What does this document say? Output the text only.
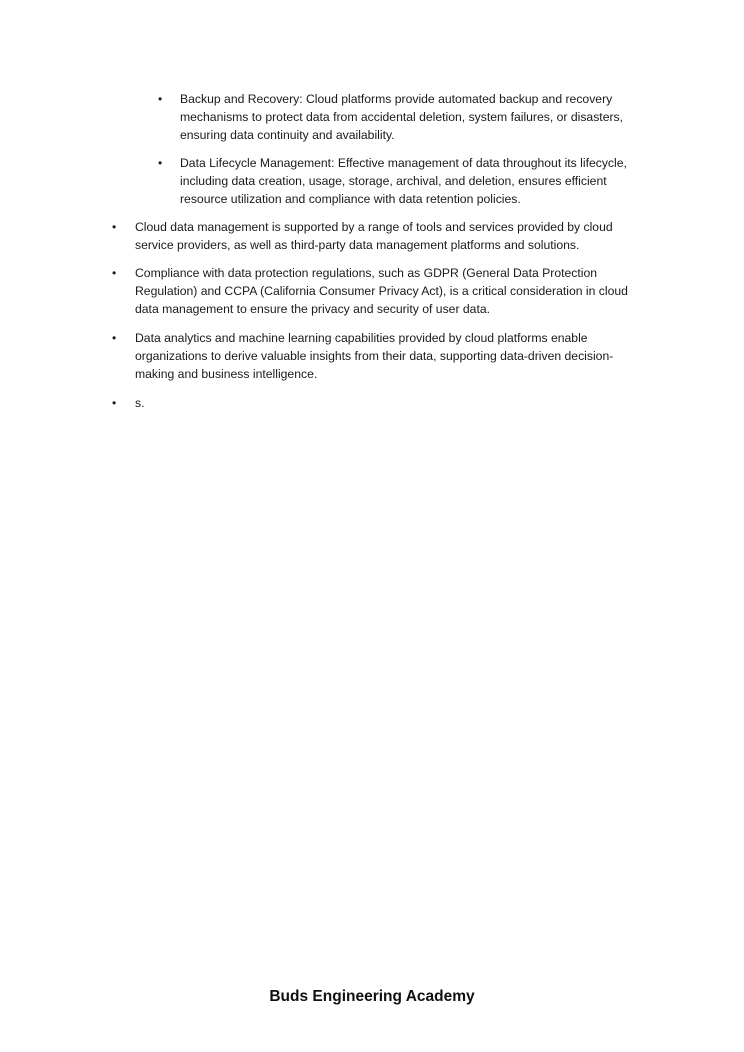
• Backup and Recovery: Cloud platforms provide automated backup and recovery
mechanisms to protect data from accidental deletion, system failures, or disasters,
ensuring data continuity and availability.
• Data Lifecycle Management: Effective management of data throughout its lifecycle,
including data creation, usage, storage, archival, and deletion, ensures efficient
resource utilization and compliance with data retention policies.
• Cloud data management is supported by a range of tools and services provided by cloud
service providers, as well as third-party data management platforms and solutions.
• Compliance with data protection regulations, such as GDPR (General Data Protection
Regulation) and CCPA (California Consumer Privacy Act), is a critical consideration in cloud
data management to ensure the privacy and security of user data.
• Data analytics and machine learning capabilities provided by cloud platforms enable
organizations to derive valuable insights from their data, supporting data-driven decision-
making and business intelligence.
• s.
Buds Engineering Academy
